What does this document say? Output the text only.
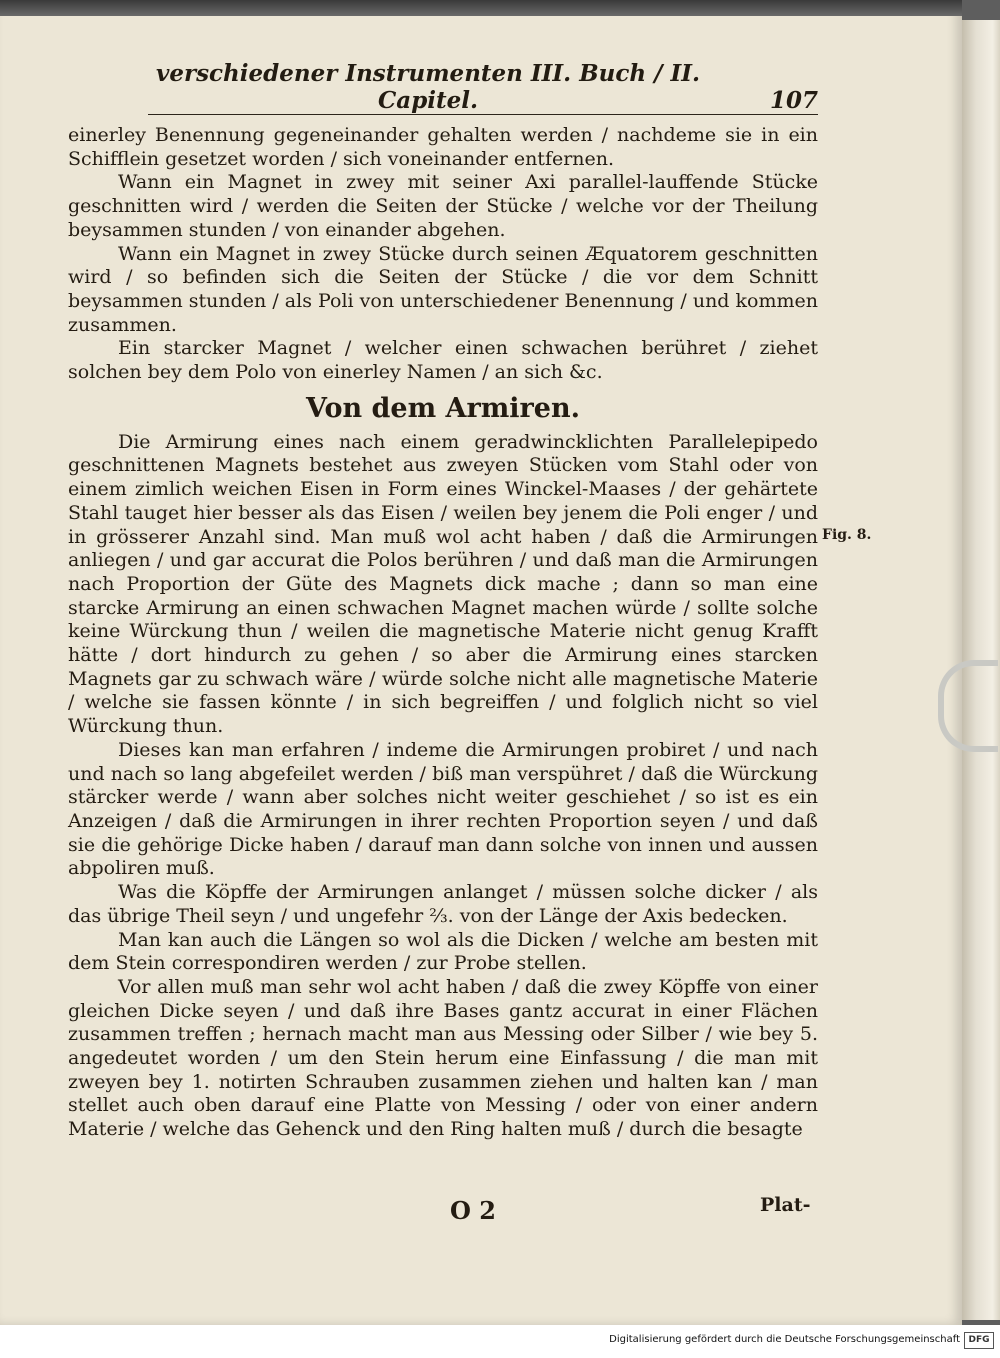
verschiedener Instrumenten III. Buch / II. Capitel.	107

einerley Benennung gegeneinander gehalten werden / nachdeme sie in ein Schifflein gesetzet worden / sich voneinander entfernen.

Wann ein Magnet in zwey mit seiner Axi parallel-lauffende Stücke geschnitten wird / werden die Seiten der Stücke / welche vor der Theilung beysammen stunden / von einander abgehen.

Wann ein Magnet in zwey Stücke durch seinen Æquatorem geschnitten wird / so befinden sich die Seiten der Stücke / die vor dem Schnitt beysammen stunden / als Poli von unterschiedener Benennung / und kommen zusammen.

Ein starcker Magnet / welcher einen schwachen berühret / ziehet solchen bey dem Polo von einerley Namen / an sich &c.

Von dem Armiren.

Die Armirung eines nach einem geradwincklichten Parallelepipedo geschnittenen Magnets bestehet aus zweyen Stücken vom Stahl oder von einem zimlich weichen Eisen in Form eines Winckel-Maases / der gehärtete Stahl tauget hier besser als das Eisen / weilen bey jenem die Poli enger / und in grösserer Anzahl sind. Man muß wol acht haben / daß die Armirungen anliegen / und gar accurat die Polos berühren / und daß man die Armirungen nach Proportion der Güte des Magnets dick mache ; dann so man eine starcke Armirung an einen schwachen Magnet machen würde / sollte solche keine Würckung thun / weilen die magnetische Materie nicht genug Krafft hätte / dort hindurch zu gehen / so aber die Armirung eines starcken Magnets gar zu schwach wäre / würde solche nicht alle magnetische Materie / welche sie fassen könnte / in sich begreiffen / und folglich nicht so viel Würckung thun.

Dieses kan man erfahren / indeme die Armirungen probiret / und nach und nach so lang abgefeilet werden / biß man verspühret / daß die Würckung stärcker werde / wann aber solches nicht weiter geschiehet / so ist es ein Anzeigen / daß die Armirungen in ihrer rechten Proportion seyen / und daß sie die gehörige Dicke haben / darauf man dann solche von innen und aussen abpoliren muß.

Was die Köpffe der Armirungen anlanget / müssen solche dicker / als das übrige Theil seyn / und ungefehr ⅔. von der Länge der Axis bedecken.

Man kan auch die Längen so wol als die Dicken / welche am besten mit dem Stein correspondiren werden / zur Probe stellen.

Vor allen muß man sehr wol acht haben / daß die zwey Köpffe von einer gleichen Dicke seyen / und daß ihre Bases gantz accurat in einer Flächen zusammen treffen ; hernach macht man aus Messing oder Silber / wie bey 5. angedeutet worden / um den Stein herum eine Einfassung / die man mit zweyen bey 1. notirten Schrauben zusammen ziehen und halten kan / man stellet auch oben darauf eine Platte von Messing / oder von einer andern Materie / welche das Gehenck und den Ring halten muß / durch die besagte

Fig. 8.
O 2	Plat-
Digitalisierung gefördert durch die Deutsche Forschungsgemeinschaft DFG
